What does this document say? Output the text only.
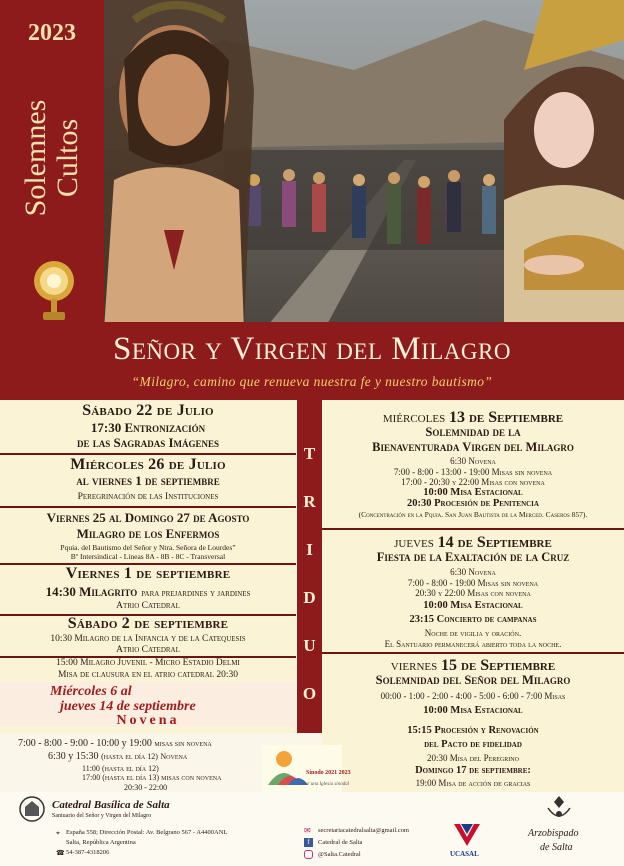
2023
Solemnes Cultos
Señor y Virgen del Milagro
“Milagro, camino que renueva nuestra fe y nuestro bautismo”
Sábado 22 de Julio
17:30 Entronización
de las Sagradas Imágenes
Miércoles 26 de Julio
al viernes 1 de septiembre
Peregrinación de las Instituciones
Viernes 25 al Domingo 27 de Agosto
Milagro de los Enfermos
Pquia. del Bautismo del Señor y Ntra. Señora de Lourdes”
Bº Intersindical - Lineas 8A - 8B - 8C - Transversal
Viernes 1 de septiembre
14:30 Milagrito para prejardines y jardines
Atrio Catedral
Sábado 2 de septiembre
10:30 Milagro de la Infancia y de la Catequesis
Atrio Catedral
15:00 Milagro Juvenil - Micro Estadio Delmi
Misa de clausura en el atrio catedral 20:30
Miércoles 6 al
jueves 14 de septiembre
Novena
7:00 - 8:00 - 9:00 - 10:00 y 19:00 misas sin novena
6:30 y 15:30 (hasta el día 12) Novena
11:00 (hasta el día 12)
17:00 (hasta el día 13) misas con novena
20:30 - 22:00
Sínodo 2021 2023
Por una Iglesia sinodal
T
R
I
D
U
O
miércoles 13 de Septiembre
Solemnidad de la
Bienaventurada Virgen del Milagro
6:30 Novena
7:00 - 8:00 - 13:00 - 19:00 Misas sin novena
17:00 - 20:30 y 22:00 Misas con novena
10:00 Misa Estacional
20:30 Procesión de Penitencia
(Concentración en la Pquia. San Juan Bautista de la Merced. Caseros 857).
jueves 14 de Septiembre
Fiesta de la Exaltación de la Cruz
6:30 Novena
7:00 - 8:00 - 19:00 Misas sin novena
20:30 y 22:00 Misas con novena
10:00 Misa Estacional
23:15 Concierto de campanas
Noche de vigilia y oración.
El Santuario permanecerá abierto toda la noche.
viernes 15 de Septiembre
Solemnidad del Señor del Milagro
00:00 - 1:00 - 2:00 - 4:00 - 5:00 - 6:00 - 7:00 Misas
10:00 Misa Estacional
15:15 Procesión y Renovación
del Pacto de fidelidad
20:30 Misa del Peregrino
Domingo 17 de septiembre:
19:00 Misa de acción de gracias
Catedral Basílica de Salta
Santuario del Señor y Virgen del Milagro
⌖ España 558; Dirección Postal: Av. Belgrano 567 - A4400ANL
Salta, República Argentina
☎ 54-387-4318206
✉ secretariacatedralsalta@gmail.com
f	Catedral de Salta
@Salta.Catedral	UCASAL
Arzobispado
de Salta
